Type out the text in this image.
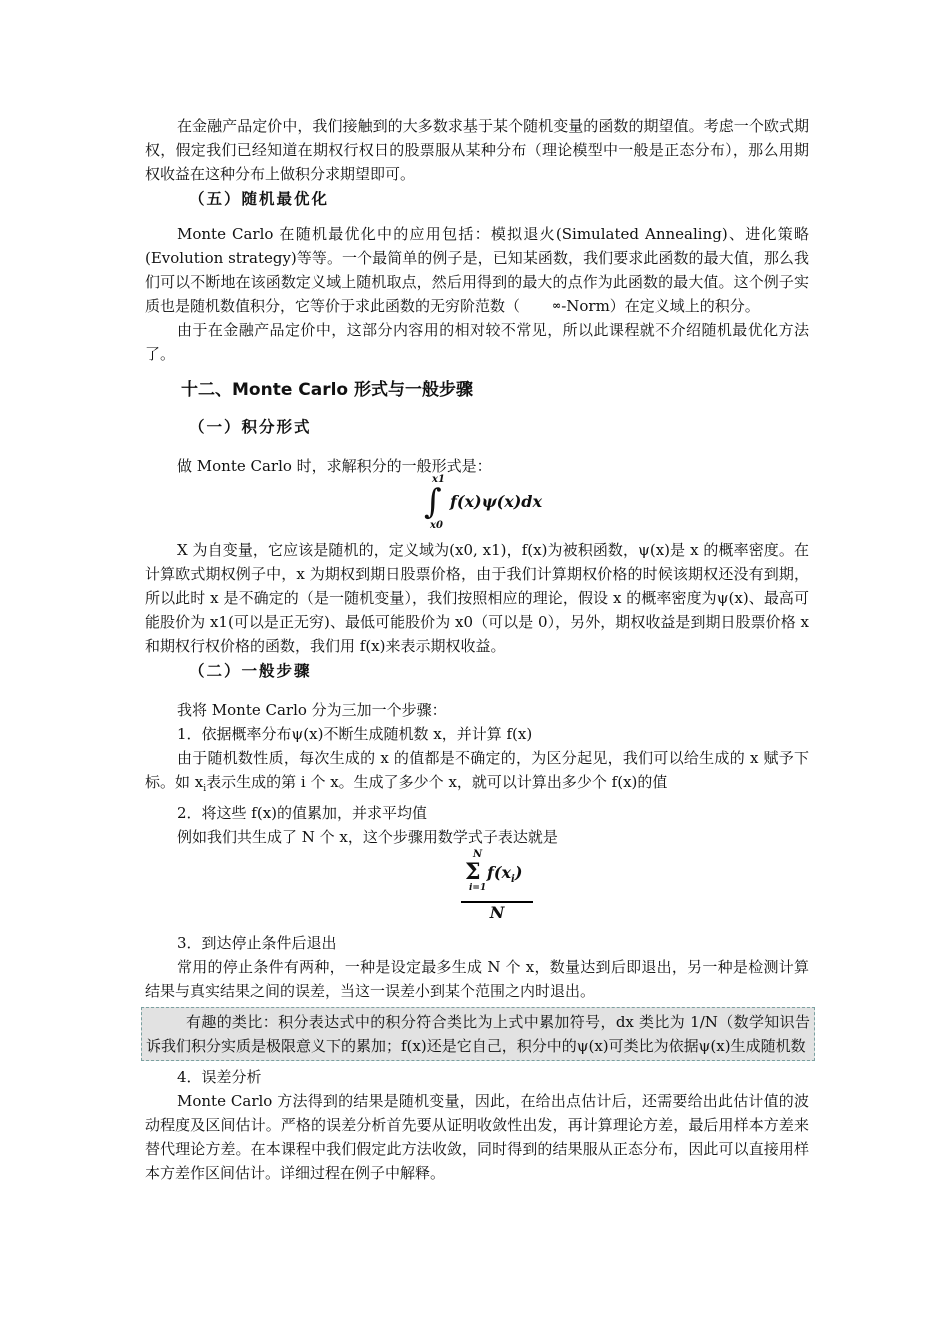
在金融产品定价中，我们接触到的大多数求基于某个随机变量的函数的期望值。考虑一个欧式期权，假定我们已经知道在期权行权日的股票服从某种分布（理论模型中一般是正态分布），那么用期权收益在这种分布上做积分求期望即可。

（五）随机最优化

Monte Carlo 在随机最优化中的应用包括：模拟退火(Simulated Annealing)、进化策略(Evolution strategy)等等。一个最简单的例子是，已知某函数，我们要求此函数的最大值，那么我们可以不断地在该函数定义域上随机取点，然后用得到的最大的点作为此函数的最大值。这个例子实质也是随机数值积分，它等价于求此函数的无穷阶范数（	∞-Norm）在定义域上的积分。

由于在金融产品定价中，这部分内容用的相对较不常见，所以此课程就不介绍随机最优化方法了。

十二、Monte Carlo 形式与一般步骤
（一）积分形式

做 Monte Carlo 时，求解积分的一般形式是：

x1
∫
x0
f(x)ψ(x)dx

X 为自变量，它应该是随机的，定义域为(x0, x1)，f(x)为被积函数，ψ(x)是 x 的概率密度。在计算欧式期权例子中，x 为期权到期日股票价格，由于我们计算期权价格的时候该期权还没有到期，所以此时 x 是不确定的（是一随机变量），我们按照相应的理论，假设 x 的概率密度为ψ(x)、最高可能股价为 x1(可以是正无穷)、最低可能股价为 x0（可以是 0），另外，期权收益是到期日股票价格 x 和期权行权价格的函数，我们用 f(x)来表示期权收益。

（二）一般步骤

我将 Monte Carlo 分为三加一个步骤：

1．依据概率分布ψ(x)不断生成随机数 x，并计算 f(x)

由于随机数性质，每次生成的 x 的值都是不确定的，为区分起见，我们可以给生成的 x 赋予下标。如 $x_i$表示生成的第 i 个 x。生成了多少个 x，就可以计算出多少个 f(x)的值

2．将这些 f(x)的值累加，并求平均值

例如我们共生成了 N 个 x，这个步骤用数学式子表达就是

N
Σ
i=1
$f(x_i)$
N

3．到达停止条件后退出

常用的停止条件有两种，一种是设定最多生成 N 个 x，数量达到后即退出，另一种是检测计算结果与真实结果之间的误差，当这一误差小到某个范围之内时退出。

有趣的类比：积分表达式中的积分符合类比为上式中累加符号，dx 类比为 1/N（数学知识告诉我们积分实质是极限意义下的累加；f(x)还是它自己，积分中的ψ(x)可类比为依据ψ(x)生成随机数

4．误差分析

Monte Carlo 方法得到的结果是随机变量，因此，在给出点估计后，还需要给出此估计值的波动程度及区间估计。严格的误差分析首先要从证明收敛性出发，再计算理论方差，最后用样本方差来替代理论方差。在本课程中我们假定此方法收敛，同时得到的结果服从正态分布，因此可以直接用样本方差作区间估计。详细过程在例子中解释。
